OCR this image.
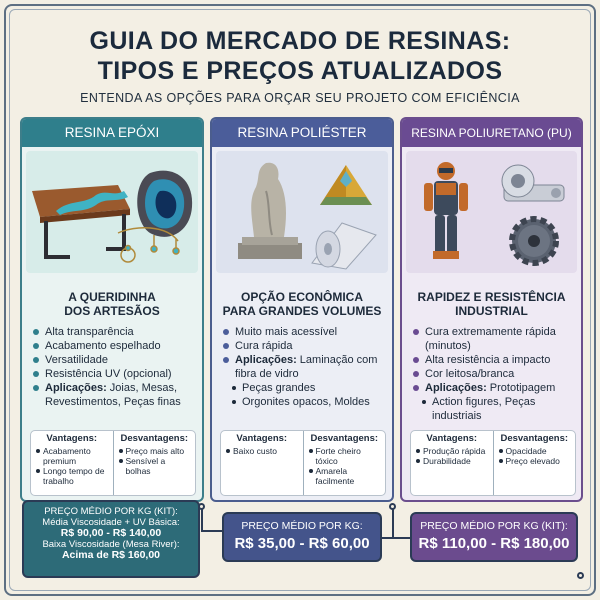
GUIA DO MERCADO DE RESINAS:
TIPOS E PREÇOS ATUALIZADOS
ENTENDA AS OPÇÕES PARA ORÇAR SEU PROJETO COM EFICIÊNCIA
RESINA EPÓXI
A QUERIDINHA
DOS ARTESÃOS
Alta transparência
Acabamento espelhado
Versatilidade
Resistência UV (opcional)
Aplicações: Joias, Mesas, Revestimentos, Peças finas
Vantagens:
Acabamento premium
Longo tempo de trabalho
Desvantagens:
Preço mais alto
Sensível a bolhas
RESINA POLIÉSTER
OPÇÃO ECONÔMICA
PARA GRANDES VOLUMES
Muito mais acessível
Cura rápida
Aplicações: Laminação com fibra de vidro
Peças grandes
Orgonites opacos, Moldes
Vantagens:
Baixo custo
Desvantagens:
Forte cheiro tóxico
Amarela facilmente
RESINA POLIURETANO (PU)
RAPIDEZ E RESISTÊNCIA
INDUSTRIAL
Cura extremamente rápida (minutos)
Alta resistência a impacto
Cor leitosa/branca
Aplicações: Prototipagem
Action figures, Peças industriais
Vantagens:
Produção rápida
Durabilidade
Desvantagens:
Opacidade
Preço elevado
PREÇO MÉDIO POR KG (KIT):
Média Viscosidade + UV Básica:
R$ 90,00 - R$ 140,00
Baixa Viscosidade (Mesa River):
Acima de R$ 160,00
PREÇO MÉDIO POR KG:
R$ 35,00 - R$ 60,00
PREÇO MÉDIO POR KG (KIT):
R$ 110,00 - R$ 180,00
